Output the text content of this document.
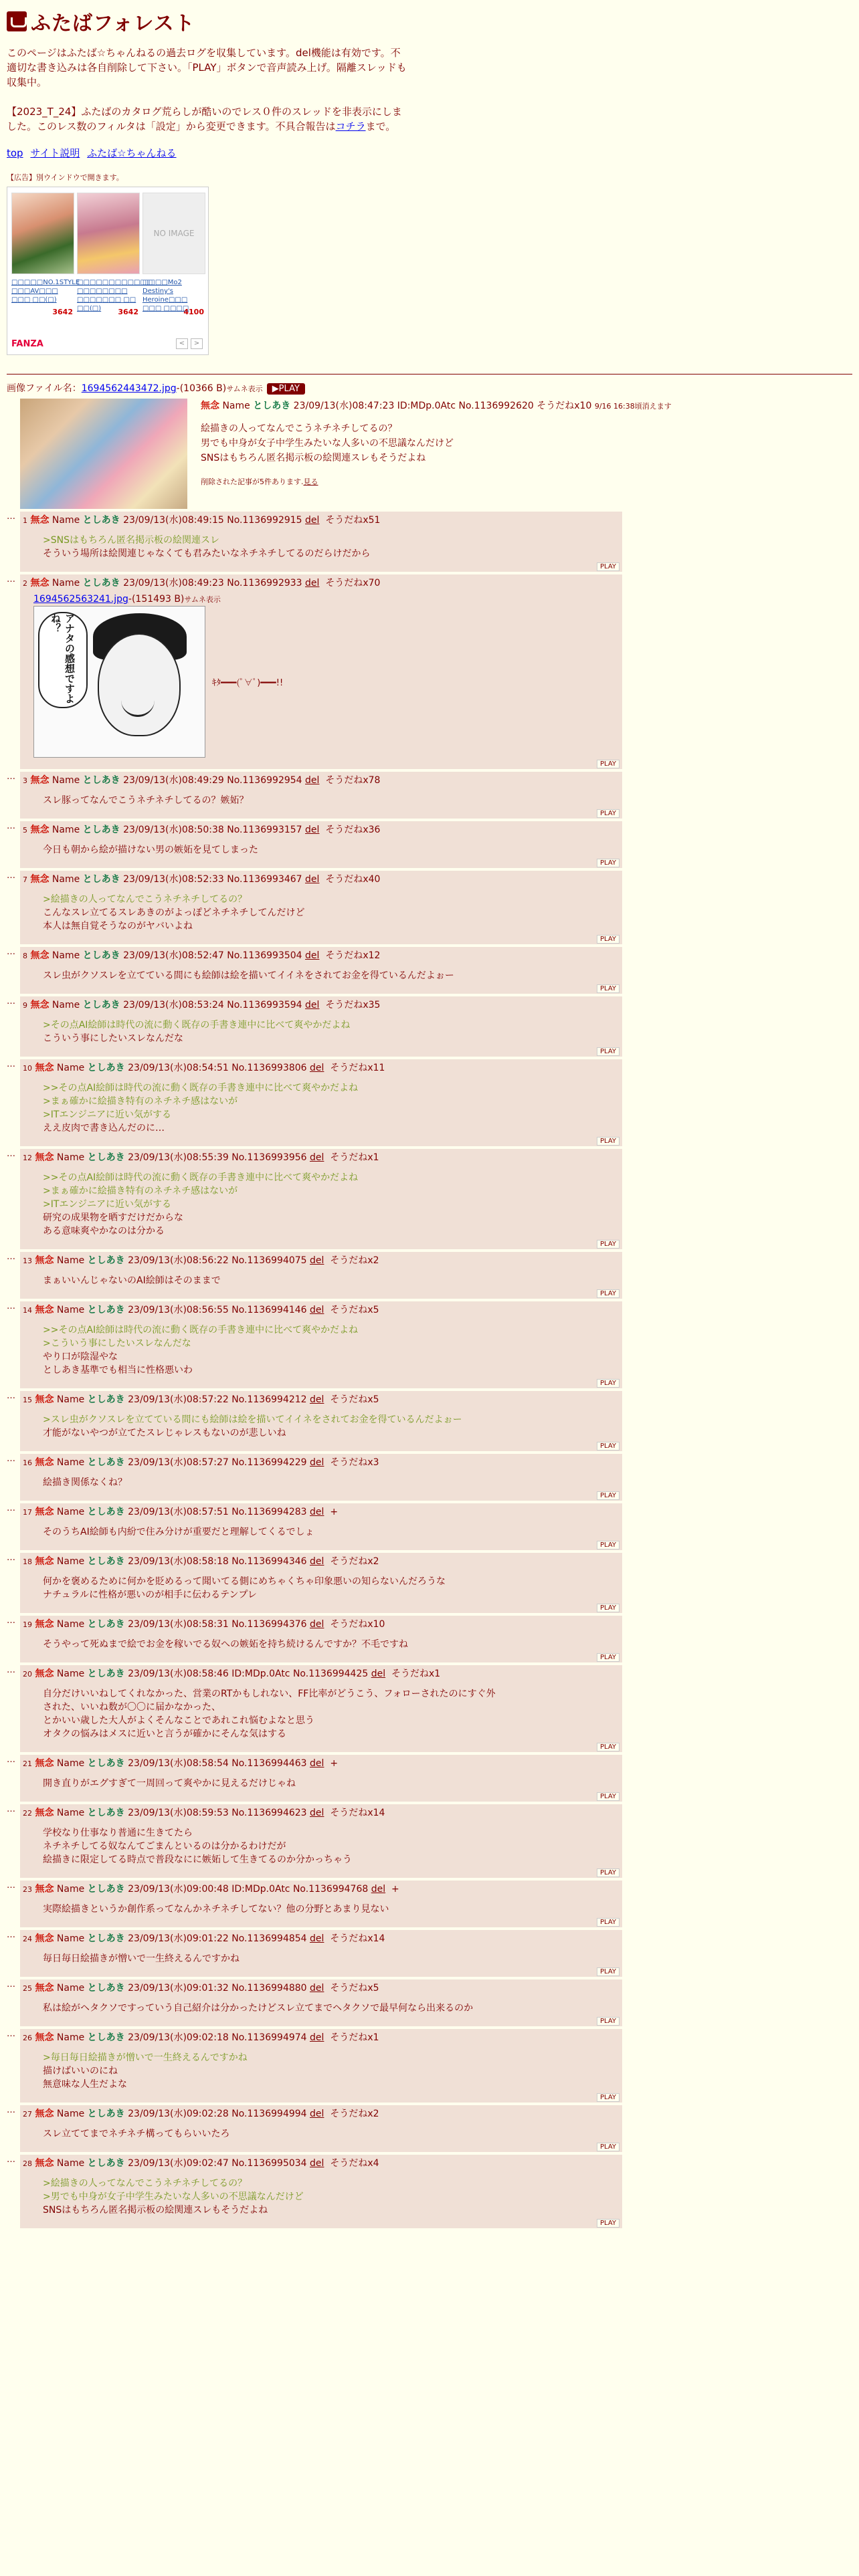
ふたばフォレスト
このページはふたば☆ちゃんねるの過去ログを収集しています。del機能は有効です。不適切な書き込みは各自削除して下さい。「PLAY」ボタンで音声読み上げ。隔離スレッドも収集中。
【2023_T_24】ふたばのカタログ荒らしが酷いのでレス０件のスレッドを非表示にしました。このレス数のフィルタは「設定」から変更できます。不具合報告はコチラまで。
top サイト説明 ふたば☆ちゃんねる
【広告】別ウインドウで開きます。
□□□□□NO.1STYLE □□□AV□□□ □□□ □□(□)
3642
□□□□□□□□□□□□ □□□□□□□□ □□□□□□□ □□ □□(□)	3642
NO IMAGE
□□□□Mo2 Destiny's Heroine□□□ □□□ □□□□
4100
FANZA	<	>
画像ファイル名：1694562443472.jpg-(10366 B)サムネ表示 ▶PLAY
無念 Name としあき 23/09/13(水)08:47:23 ID:MDp.0Atc No.1136992620 そうだねx10 9/16 16:38頃消えます
絵描きの人ってなんでこうネチネチしてるの？
男でも中身が女子中学生みたいな人多いの不思議なんだけど
SNSはもちろん匿名掲示板の絵関連スレもそうだよね
削除された記事が5件あります.見る
…	1 無念 Name としあき 23/09/13(水)08:49:15 No.1136992915 del そうだねx51
>SNSはもちろん匿名掲示板の絵関連スレ
そういう場所は絵関連じゃなくても君みたいなネチネチしてるのだらけだから
PLAY
…	2 無念 Name としあき 23/09/13(水)08:49:23 No.1136992933 del そうだねx70
1694562563241.jpg-(151493 B)サムネ表示
アナタの感想ですよね？
ｷﾀ━━━(ﾟ∀ﾟ)━━━!!
PLAY
…	3 無念 Name としあき 23/09/13(水)08:49:29 No.1136992954 del そうだねx78
スレ豚ってなんでこうネチネチしてるの？嫉妬？
PLAY
…	5 無念 Name としあき 23/09/13(水)08:50:38 No.1136993157 del そうだねx36
今日も朝から絵が描けない男の嫉妬を見てしまった
PLAY
…	7 無念 Name としあき 23/09/13(水)08:52:33 No.1136993467 del そうだねx40
>絵描きの人ってなんでこうネチネチしてるの？
こんなスレ立てるスレあきのがよっぽどネチネチしてんだけど
本人は無自覚そうなのがヤバいよね
PLAY
…	8 無念 Name としあき 23/09/13(水)08:52:47 No.1136993504 del そうだねx12
スレ虫がクソスレを立てている間にも絵師は絵を描いてイイネをされてお金を得ているんだよぉー
PLAY
…	9 無念 Name としあき 23/09/13(水)08:53:24 No.1136993594 del そうだねx35
>その点AI絵師は時代の流に動く既存の手書き連中に比べて爽やかだよね
こういう事にしたいスレなんだな
PLAY
…	10 無念 Name としあき 23/09/13(水)08:54:51 No.1136993806 del そうだねx11
>>その点AI絵師は時代の流に動く既存の手書き連中に比べて爽やかだよね
>まぁ確かに絵描き特有のネチネチ感はないが
>ITエンジニアに近い気がする
ええ皮肉で書き込んだのに…
PLAY
…	12 無念 Name としあき 23/09/13(水)08:55:39 No.1136993956 del そうだねx1
>>その点AI絵師は時代の流に動く既存の手書き連中に比べて爽やかだよね
>まぁ確かに絵描き特有のネチネチ感はないが
>ITエンジニアに近い気がする
研究の成果物を晒すだけだからな
ある意味爽やかなのは分かる
PLAY
…	13 無念 Name としあき 23/09/13(水)08:56:22 No.1136994075 del そうだねx2
まぁいいんじゃないのAI絵師はそのままで
PLAY
…	14 無念 Name としあき 23/09/13(水)08:56:55 No.1136994146 del そうだねx5
>>その点AI絵師は時代の流に動く既存の手書き連中に比べて爽やかだよね
>こういう事にしたいスレなんだな
やり口が陰湿やな
としあき基準でも相当に性格悪いわ
PLAY
…	15 無念 Name としあき 23/09/13(水)08:57:22 No.1136994212 del そうだねx5
>スレ虫がクソスレを立てている間にも絵師は絵を描いてイイネをされてお金を得ているんだよぉー
才能がないやつが立てたスレじゃレスもないのが悲しいね
PLAY
…	16 無念 Name としあき 23/09/13(水)08:57:27 No.1136994229 del そうだねx3
絵描き関係なくね？
PLAY
…	17 無念 Name としあき 23/09/13(水)08:57:51 No.1136994283 del +
そのうちAI絵師も内紛で住み分けが重要だと理解してくるでしょ
PLAY
…	18 無念 Name としあき 23/09/13(水)08:58:18 No.1136994346 del そうだねx2
何かを褒めるために何かを貶めるって聞いてる側にめちゃくちゃ印象悪いの知らないんだろうな
ナチュラルに性格が悪いのが相手に伝わるテンプレ
PLAY
…	19 無念 Name としあき 23/09/13(水)08:58:31 No.1136994376 del そうだねx10
そうやって死ぬまで絵でお金を稼いでる奴への嫉妬を持ち続けるんですか？不毛ですね
PLAY
…	20 無念 Name としあき 23/09/13(水)08:58:46 ID:MDp.0Atc No.1136994425 del そうだねx1
自分だけいいねしてくれなかった、営業のRTかもしれない、FF比率がどうこう、フォローされたのにすぐ外
された、いいね数が〇〇に届かなかった、
とかいい歳した大人がよくそんなことであれこれ悩むよなと思う
オタクの悩みはメスに近いと言うが確かにそんな気はする
PLAY
…	21 無念 Name としあき 23/09/13(水)08:58:54 No.1136994463 del +
開き直りがエグすぎて一周回って爽やかに見えるだけじゃね
PLAY
…	22 無念 Name としあき 23/09/13(水)08:59:53 No.1136994623 del そうだねx14
学校なり仕事なり普通に生きてたら
ネチネチしてる奴なんてごまんといるのは分かるわけだが
絵描きに限定してる時点で普段なにに嫉妬して生きてるのか分かっちゃう
PLAY
…	23 無念 Name としあき 23/09/13(水)09:00:48 ID:MDp.0Atc No.1136994768 del +
実際絵描きというか創作系ってなんかネチネチしてない？他の分野とあまり見ない
PLAY
…	24 無念 Name としあき 23/09/13(水)09:01:22 No.1136994854 del そうだねx14
毎日毎日絵描きが憎いで一生終えるんですかね
PLAY
…	25 無念 Name としあき 23/09/13(水)09:01:32 No.1136994880 del そうだねx5
私は絵がヘタクソですっていう自己紹介は分かったけどスレ立てまでヘタクソで最早何なら出来るのか
PLAY
…	26 無念 Name としあき 23/09/13(水)09:02:18 No.1136994974 del そうだねx1
>毎日毎日絵描きが憎いで一生終えるんですかね
描けばいいのにね
無意味な人生だよな
PLAY
…	27 無念 Name としあき 23/09/13(水)09:02:28 No.1136994994 del そうだねx2
スレ立ててまでネチネチ構ってもらいいたろ
PLAY
…	28 無念 Name としあき 23/09/13(水)09:02:47 No.1136995034 del そうだねx4
>絵描きの人ってなんでこうネチネチしてるの？
>男でも中身が女子中学生みたいな人多いの不思議なんだけど
SNSはもちろん匿名掲示板の絵関連スレもそうだよね
PLAY
